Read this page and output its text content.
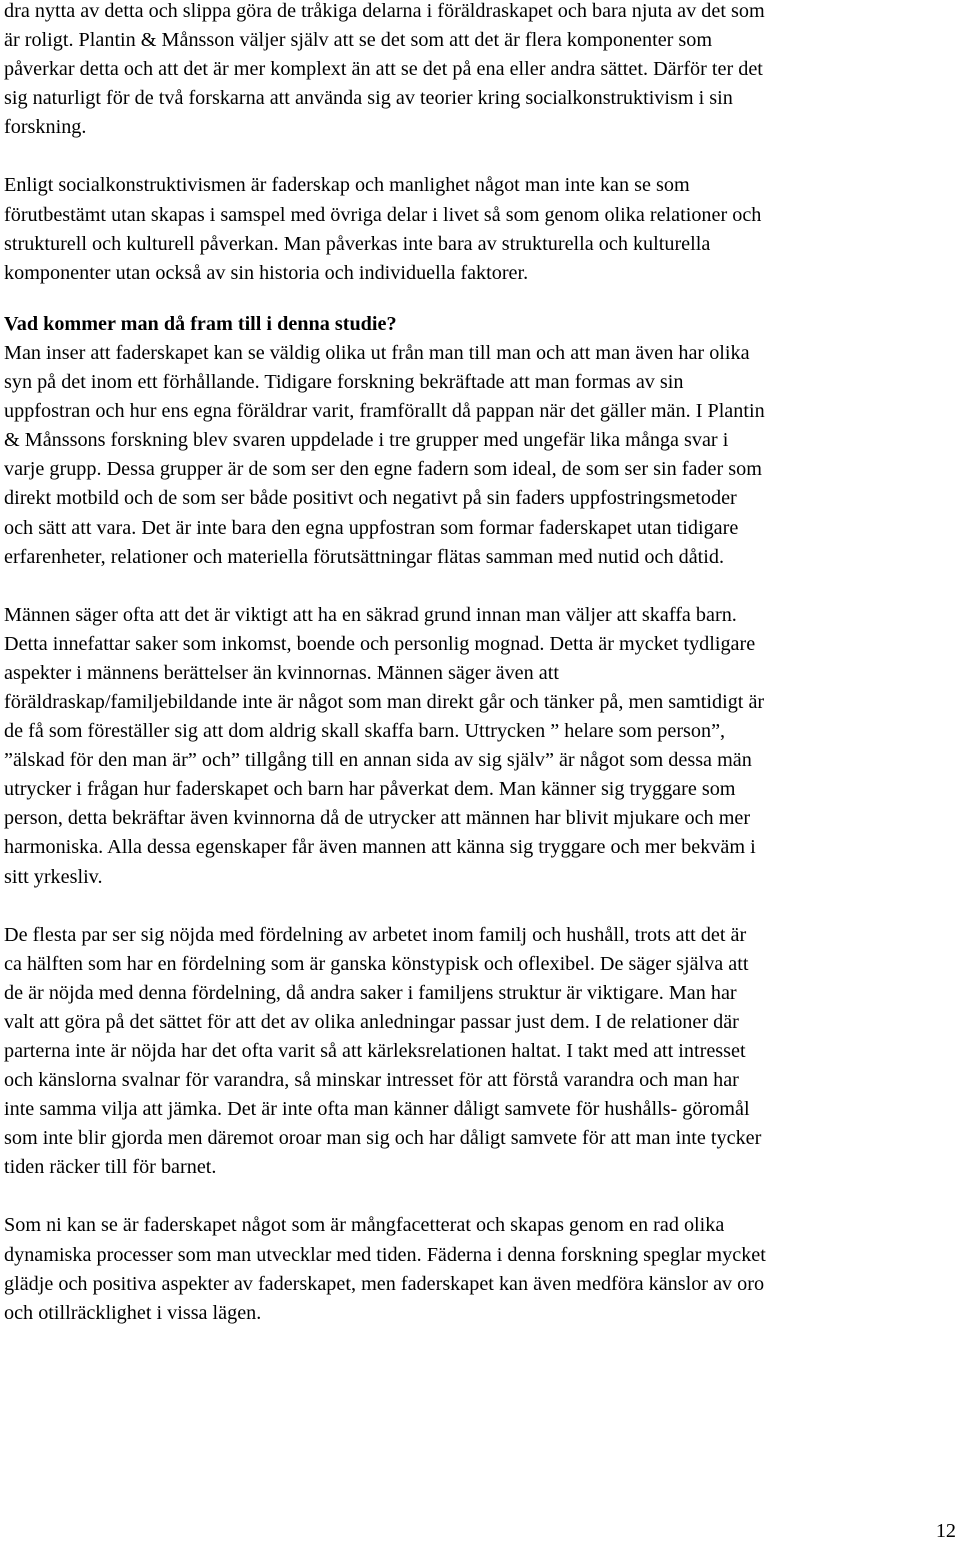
dra nytta av detta och slippa göra de tråkiga delarna i föräldraskapet och bara njuta av det som
är roligt. Plantin & Månsson väljer själv att se det som att det är flera komponenter som
påverkar detta och att det är mer komplext än att se det på ena eller andra sättet. Därför ter det
sig naturligt för de två forskarna att använda sig av teorier kring socialkonstruktivism i sin
forskning.

Enligt socialkonstruktivismen är faderskap och manlighet något man inte kan se som
förutbestämt utan skapas i samspel med övriga delar i livet så som genom olika relationer och
strukturell och kulturell påverkan. Man påverkas inte bara av strukturella och kulturella
komponenter utan också av sin historia och individuella faktorer.

Vad kommer man då fram till i denna studie?

Man inser att faderskapet kan se väldig olika ut från man till man och att man även har olika
syn på det inom ett förhållande. Tidigare forskning bekräftade att man formas av sin
uppfostran och hur ens egna föräldrar varit, framförallt då pappan när det gäller män. I Plantin
& Månssons forskning blev svaren uppdelade i tre grupper med ungefär lika många svar i
varje grupp. Dessa grupper är de som ser den egne fadern som ideal, de som ser sin fader som
direkt motbild och de som ser både positivt och negativt på sin faders uppfostringsmetoder
och sätt att vara. Det är inte bara den egna uppfostran som formar faderskapet utan tidigare
erfarenheter, relationer och materiella förutsättningar flätas samman med nutid och dåtid.

Männen säger ofta att det är viktigt att ha en säkrad grund innan man väljer att skaffa barn.
Detta innefattar saker som inkomst, boende och personlig mognad. Detta är mycket tydligare
aspekter i männens berättelser än kvinnornas. Männen säger även att
föräldraskap/familjebildande inte är något som man direkt går och tänker på, men samtidigt är
de få som föreställer sig att dom aldrig skall skaffa barn. Uttrycken ” helare som person”,
”älskad för den man är” och” tillgång till en annan sida av sig själv” är något som dessa män
utrycker i frågan hur faderskapet och barn har påverkat dem. Man känner sig tryggare som
person, detta bekräftar även kvinnorna då de utrycker att männen har blivit mjukare och mer
harmoniska. Alla dessa egenskaper får även mannen att känna sig tryggare och mer bekväm i
sitt yrkesliv.

De flesta par ser sig nöjda med fördelning av arbetet inom familj och hushåll, trots att det är
ca hälften som har en fördelning som är ganska könstypisk och oflexibel. De säger själva att
de är nöjda med denna fördelning, då andra saker i familjens struktur är viktigare. Man har
valt att göra på det sättet för att det av olika anledningar passar just dem. I de relationer där
parterna inte är nöjda har det ofta varit så att kärleksrelationen haltat. I takt med att intresset
och känslorna svalnar för varandra, så minskar intresset för att förstå varandra och man har
inte samma vilja att jämka. Det är inte ofta man känner dåligt samvete för hushålls- göromål
som inte blir gjorda men däremot oroar man sig och har dåligt samvete för att man inte tycker
tiden räcker till för barnet.

Som ni kan se är faderskapet något som är mångfacetterat och skapas genom en rad olika
dynamiska processer som man utvecklar med tiden. Fäderna i denna forskning speglar mycket
glädje och positiva aspekter av faderskapet, men faderskapet kan även medföra känslor av oro
och otillräcklighet i vissa lägen.

12
